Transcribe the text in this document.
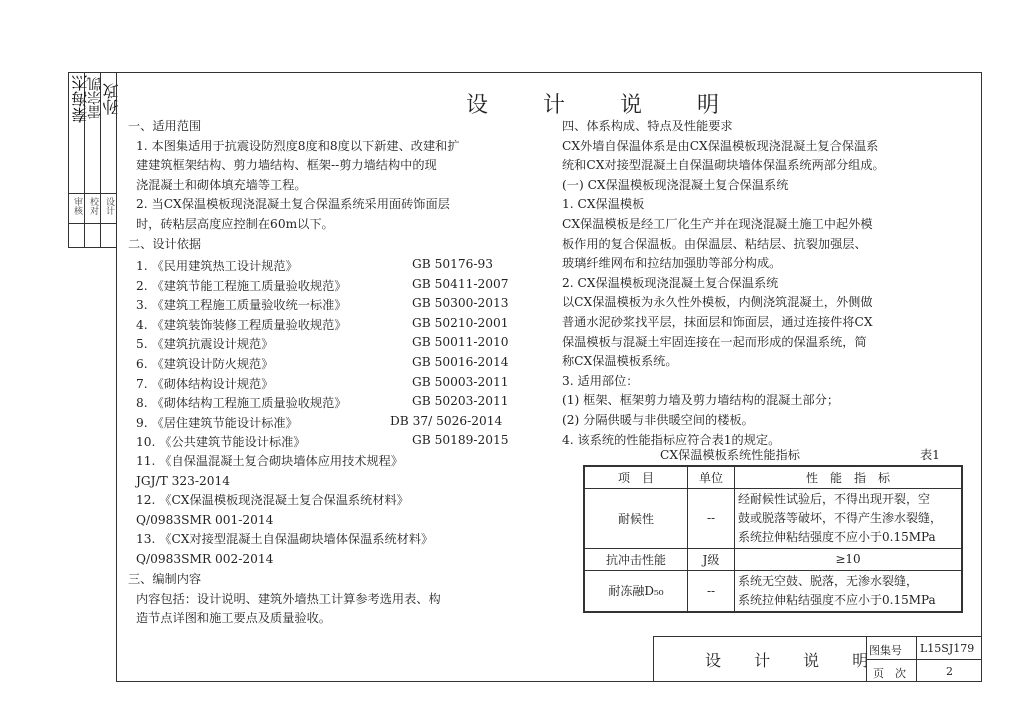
秦海杰
雷宗凯 孙政
审核 校对 设计
设 计 说 明
一、适用范围
1. 本图集适用于抗震设防烈度8度和8度以下新建、改建和扩
建建筑框架结构、剪力墙结构、框架--剪力墙结构中的现
浇混凝土和砌体填充墙等工程。
2. 当CX保温模板现浇混凝土复合保温系统采用面砖饰面层
时，砖粘层高度应控制在60m以下。
二、设计依据
1. 《民用建筑热工设计规范》	GB 50176-93
2. 《建筑节能工程施工质量验收规范》	GB 50411-2007
3. 《建筑工程施工质量验收统一标准》	GB 50300-2013
4. 《建筑装饰装修工程质量验收规范》	GB 50210-2001
5. 《建筑抗震设计规范》	GB 50011-2010
6. 《建筑设计防火规范》	GB 50016-2014
7. 《砌体结构设计规范》	GB 50003-2011
8. 《砌体结构工程施工质量验收规范》	GB 50203-2011
9. 《居住建筑节能设计标准》	DB 37/ 5026-2014
10. 《公共建筑节能设计标准》	GB 50189-2015
11. 《自保温混凝土复合砌块墙体应用技术规程》
JGJ/T 323-2014
12. 《CX保温模板现浇混凝土复合保温系统材料》
Q/0983SMR 001-2014
13. 《CX对接型混凝土自保温砌块墙体保温系统材料》
Q/0983SMR 002-2014
三、编制内容
内容包括：设计说明、建筑外墙热工计算参考选用表、构
造节点详图和施工要点及质量验收。
四、体系构成、特点及性能要求
CX外墙自保温体系是由CX保温模板现浇混凝土复合保温系
统和CX对接型混凝土自保温砌块墙体保温系统两部分组成。
(一) CX保温模板现浇混凝土复合保温系统
1. CX保温模板
CX保温模板是经工厂化生产并在现浇混凝土施工中起外模
板作用的复合保温板。由保温层、粘结层、抗裂加强层、
玻璃纤维网布和拉结加强肋等部分构成。
2. CX保温模板现浇混凝土复合保温系统
以CX保温模板为永久性外模板，内侧浇筑混凝土，外侧做
普通水泥砂浆找平层，抹面层和饰面层，通过连接件将CX
保温模板与混凝土牢固连接在一起而形成的保温系统，简
称CX保温模板系统。
3. 适用部位：
(1) 框架、框架剪力墙及剪力墙结构的混凝土部分；
(2) 分隔供暖与非供暖空间的楼板。
4. 该系统的性能指标应符合表1的规定。
CX保温模板系统性能指标	表1
项　目	单位	性　能　指　标
耐候性	--	经耐候性试验后，不得出现开裂，空
鼓或脱落等破坏，不得产生渗水裂缝，
系统拉伸粘结强度不应小于0.15MPa

抗冲击性能	J级	≥10
耐冻融D₅₀	--	系统无空鼓、脱落，无渗水裂缝，
系统拉伸粘结强度不应小于0.15MPa
设 计 说 明
图集号 L15SJ179
页　次	2
